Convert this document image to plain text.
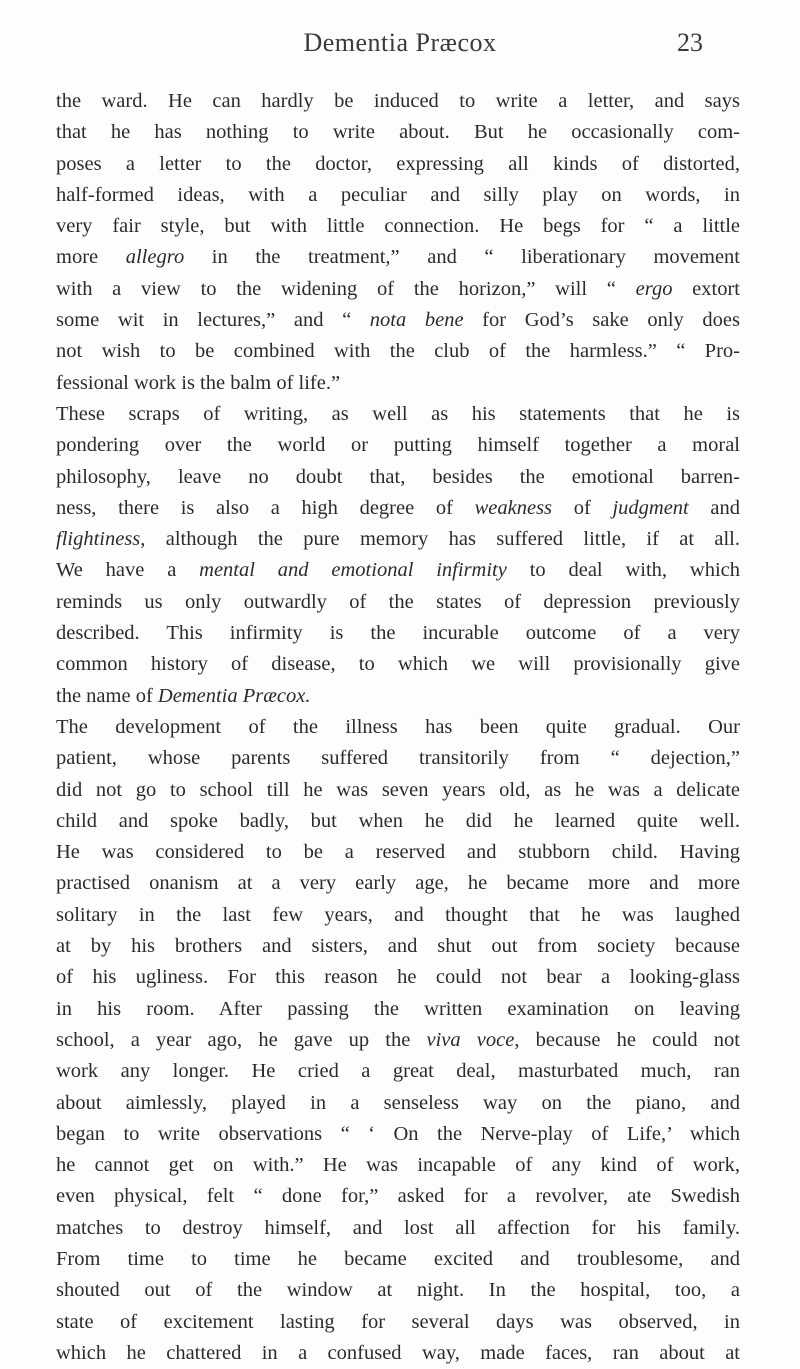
Dementia Præcox	23
the ward. He can hardly be induced to write a letter, and says
that he has nothing to write about. But he occasionally com-
poses a letter to the doctor, expressing all kinds of distorted,
half-formed ideas, with a peculiar and silly play on words, in
very fair style, but with little connection. He begs for “ a little
more allegro in the treatment,” and “ liberationary movement
with a view to the widening of the horizon,” will “ ergo extort
some wit in lectures,” and “ nota bene for God’s sake only does
not wish to be combined with the club of the harmless.” “ Pro-
fessional work is the balm of life.”
These scraps of writing, as well as his statements that he is
pondering over the world or putting himself together a moral
philosophy, leave no doubt that, besides the emotional barren-
ness, there is also a high degree of weakness of judgment and
flightiness, although the pure memory has suffered little, if at all.
We have a mental and emotional infirmity to deal with, which
reminds us only outwardly of the states of depression previously
described. This infirmity is the incurable outcome of a very
common history of disease, to which we will provisionally give
the name of Dementia Præcox.
The development of the illness has been quite gradual. Our
patient, whose parents suffered transitorily from “ dejection,”
did not go to school till he was seven years old, as he was a delicate
child and spoke badly, but when he did he learned quite well.
He was considered to be a reserved and stubborn child. Having
practised onanism at a very early age, he became more and more
solitary in the last few years, and thought that he was laughed
at by his brothers and sisters, and shut out from society because
of his ugliness. For this reason he could not bear a looking-glass
in his room. After passing the written examination on leaving
school, a year ago, he gave up the viva voce, because he could not
work any longer. He cried a great deal, masturbated much, ran
about aimlessly, played in a senseless way on the piano, and
began to write observations “ ‘ On the Nerve-play of Life,’ which
he cannot get on with.” He was incapable of any kind of work,
even physical, felt “ done for,” asked for a revolver, ate Swedish
matches to destroy himself, and lost all affection for his family.
From time to time he became excited and troublesome, and
shouted out of the window at night. In the hospital, too, a
state of excitement lasting for several days was observed, in
which he chattered in a confused way, made faces, ran about at
